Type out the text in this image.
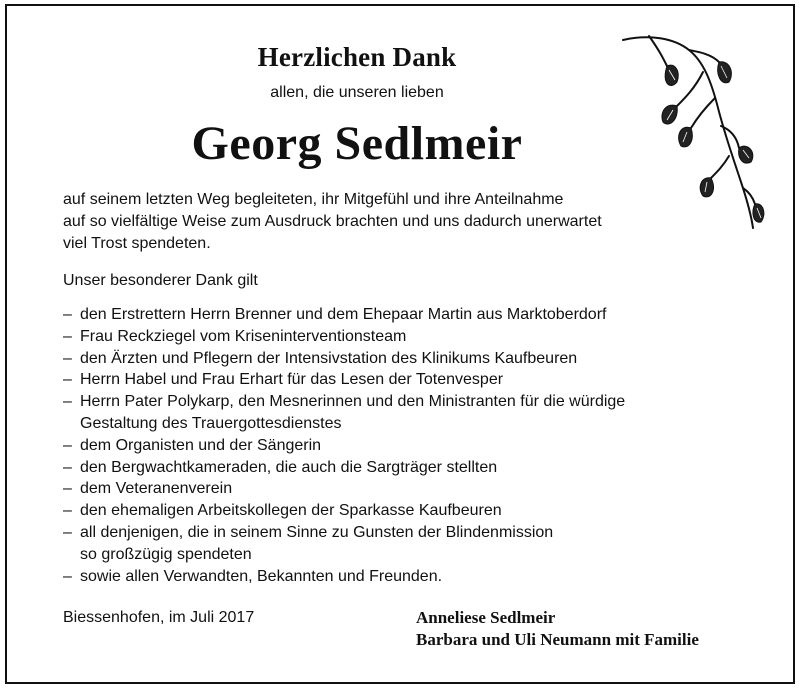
Herzlichen Dank
allen, die unseren lieben
Georg Sedlmeir
auf seinem letzten Weg begleiteten, ihr Mitgefühl und ihre Anteilnahme
auf so vielfältige Weise zum Ausdruck brachten und uns dadurch unerwartet
viel Trost spendeten.
Unser besonderer Dank gilt
– den Erstrettern Herrn Brenner und dem Ehepaar Martin aus Marktoberdorf
– Frau Reckziegel vom Kriseninterventionsteam
– den Ärzten und Pflegern der Intensivstation des Klinikums Kaufbeuren
– Herrn Habel und Frau Erhart für das Lesen der Totenvesper
– Herrn Pater Polykarp, den Mesnerinnen und den Ministranten für die würdige
Gestaltung des Trauergottesdienstes
– dem Organisten und der Sängerin
– den Bergwachtkameraden, die auch die Sargträger stellten
– dem Veteranenverein
– den ehemaligen Arbeitskollegen der Sparkasse Kaufbeuren
– all denjenigen, die in seinem Sinne zu Gunsten der Blindenmission
so großzügig spendeten
– sowie allen Verwandten, Bekannten und Freunden.
Biessenhofen, im Juli 2017	Anneliese Sedlmeir
Barbara und Uli Neumann mit Familie
